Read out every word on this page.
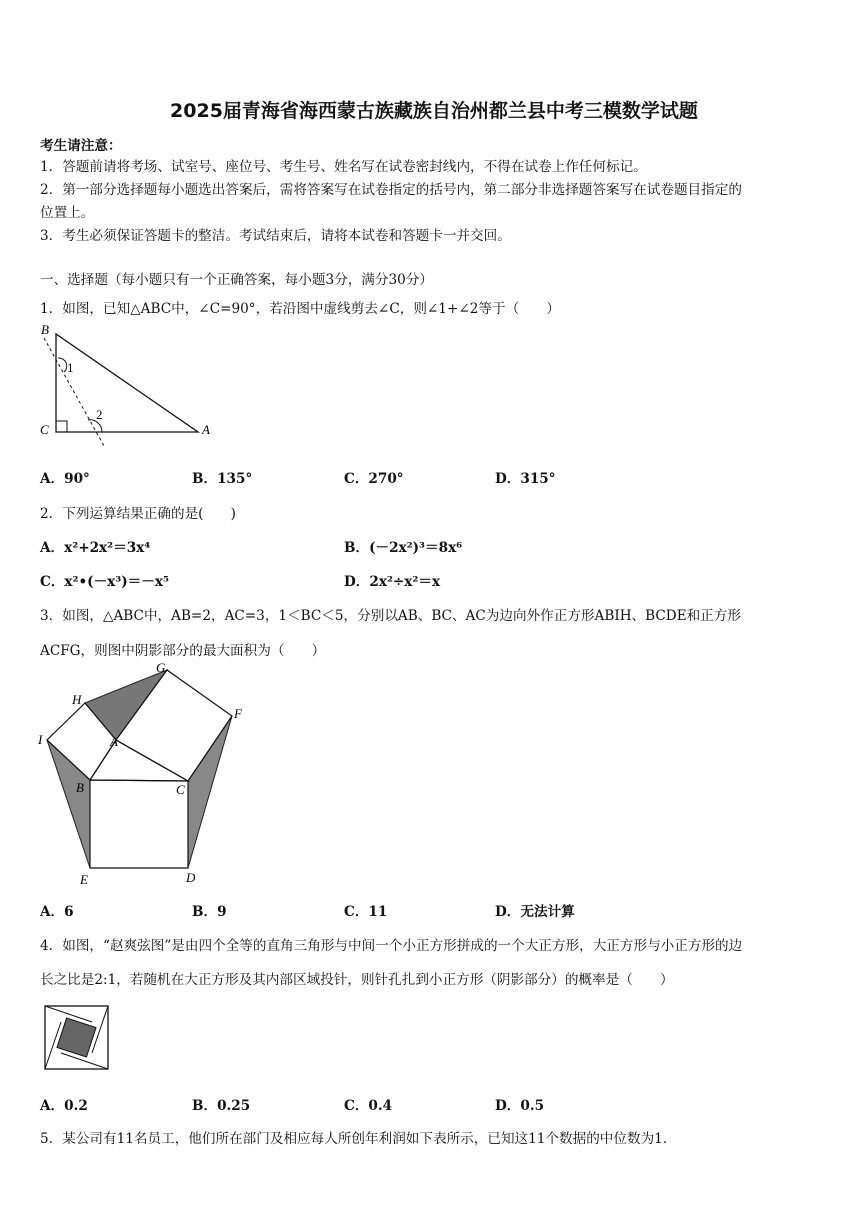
2025届青海省海西蒙古族藏族自治州都兰县中考三模数学试题
考生请注意：
1．答题前请将考场、试室号、座位号、考生号、姓名写在试卷密封线内，不得在试卷上作任何标记。
2．第一部分选择题每小题选出答案后，需将答案写在试卷指定的括号内，第二部分非选择题答案写在试卷题目指定的
位置上。
3．考生必须保证答题卡的整洁。考试结束后，请将本试卷和答题卡一并交回。
一、选择题（每小题只有一个正确答案，每小题3分，满分30分）
1．如图，已知△ABC中，∠C=90°，若沿图中虚线剪去∠C，则∠1+∠2等于（　　）
B
C	A
1
2
A．90°	B．135°	C．270°	D．315°
2．下列运算结果正确的是(　　)
A．x²+2x²＝3x⁴	B．(－2x²)³＝8x⁶
C．x²•(－x³)＝－x⁵	D．2x²÷x²＝x
3．如图，△ABC中，AB=2，AC=3，1＜BC＜5，分别以AB、BC、AC为边向外作正方形ABIH、BCDE和正方形
ACFG，则图中阴影部分的最大面积为（　　）
G
H
F
I	A
B	C
E	D
A．6	B．9	C．11	D．无法计算
4．如图，“赵爽弦图”是由四个全等的直角三角形与中间一个小正方形拼成的一个大正方形，大正方形与小正方形的边
长之比是2:1，若随机在大正方形及其内部区域投针，则针孔扎到小正方形（阴影部分）的概率是（　　）
A．0.2	B．0.25	C．0.4	D．0.5
5．某公司有11名员工，他们所在部门及相应每人所创年利润如下表所示，已知这11个数据的中位数为1．
